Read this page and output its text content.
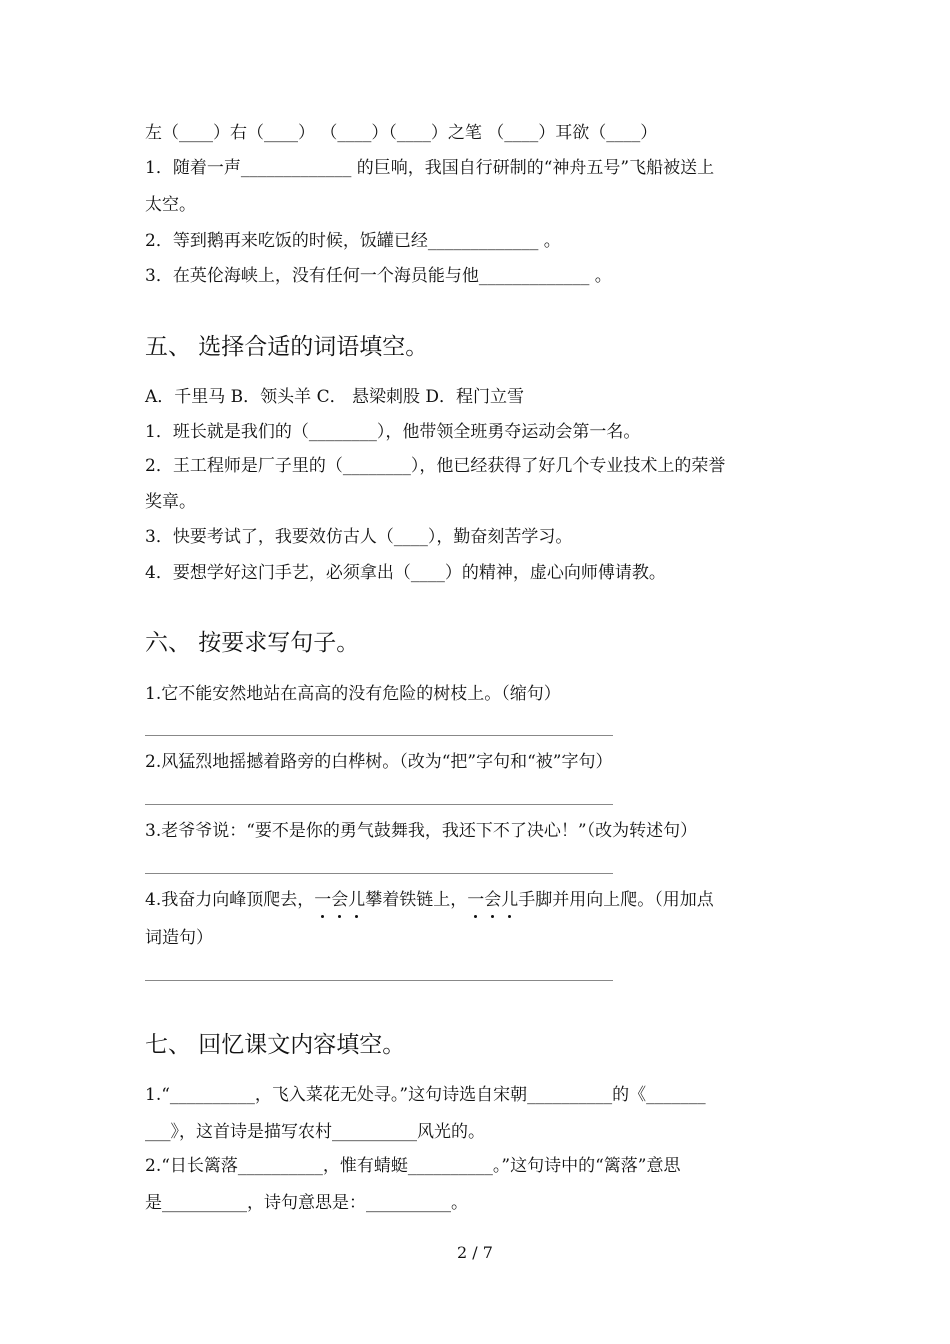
左（____）右（____） （____）（____）之笔 （____）耳欲（____）
1．随着一声_____________ 的巨响，我国自行研制的“神舟五号”飞船被送上
太空。
2．等到鹅再来吃饭的时候，饭罐已经_____________ 。
3．在英伦海峡上，没有任何一个海员能与他_____________ 。
五、 选择合适的词语填空。
A．千里马 B．领头羊 C． 悬梁刺股 D．程门立雪
1．班长就是我们的（________），他带领全班勇夺运动会第一名。
2．王工程师是厂子里的（________），他已经获得了好几个专业技术上的荣誉
奖章。
3．快要考试了，我要效仿古人（____），勤奋刻苦学习。
4．要想学好这门手艺，必须拿出（____）的精神，虚心向师傅请教。
六、 按要求写句子。
1.它不能安然地站在高高的没有危险的树枝上。（缩句）
2.风猛烈地摇撼着路旁的白桦树。（改为“把”字句和“被”字句）
3.老爷爷说：“要不是你的勇气鼓舞我，我还下不了决心！”（改为转述句）
4.我奋力向峰顶爬去，一会儿攀着铁链上，一会儿手脚并用向上爬。（用加点
词造句）
七、 回忆课文内容填空。
1.“__________，飞入菜花无处寻。”这句诗选自宋朝__________的《_______
___》，这首诗是描写农村__________风光的。
2.“日长篱落__________，惟有蜻蜓__________。”这句诗中的“篱落”意思
是__________，诗句意思是：__________。
2 / 7
